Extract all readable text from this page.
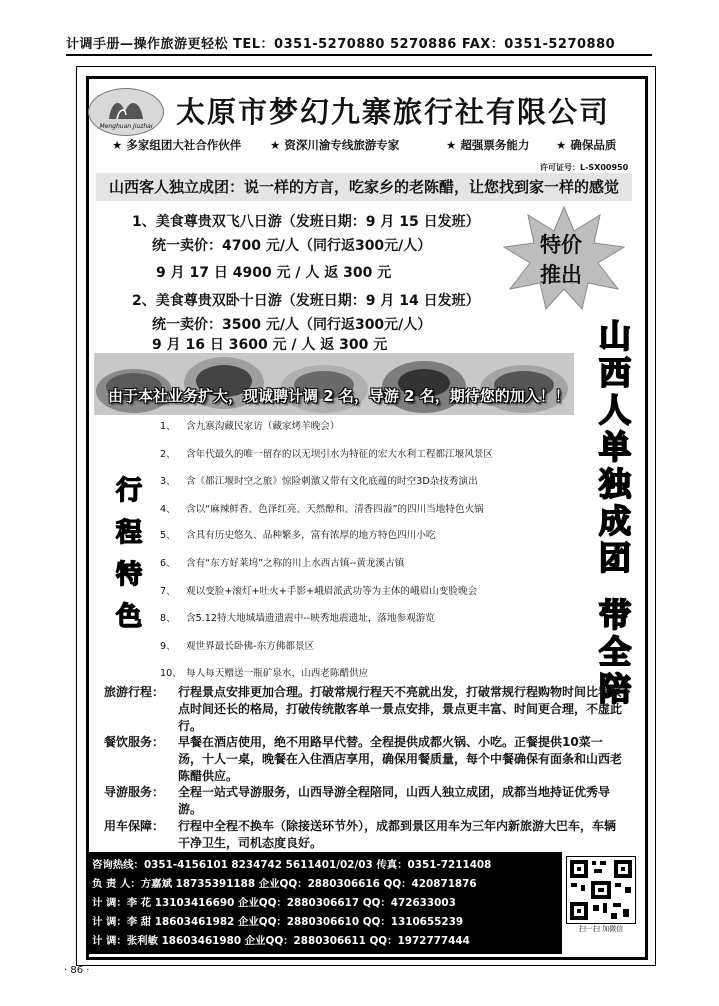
计调手册—操作旅游更轻松 TEL：0351-5270880 5270886 FAX：0351-5270880
Menghuan Jiuzhai 太原市梦幻九寨旅行社有限公司
★ 多家组团大社合作伙伴 ★ 资深川渝专线旅游专家	★ 超强票务能力 ★ 确保品质
许可证号：L-SX00950
山西客人独立成团：说一样的方言，吃家乡的老陈醋，让您找到家一样的感觉
1、美食尊贵双飞八日游（发班日期：9 月 15 日发班）
统一卖价：4700 元/人（同行返300元/人）
9 月 17 日 4900 元 / 人 返 300 元
2、美食尊贵双卧十日游（发班日期：9 月 14 日发班）
统一卖价：3500 元/人（同行返300元/人）
9 月 16 日 3600 元 / 人 返 300 元
特价
推出
山
西
人
单
独
成
团
带
全
陪
由于本社业务扩大，现诚聘计调 2 名，导游 2 名，期待您的加入！！
行
程
特
色
1、 含九寨沟藏民家访（藏家烤羊晚会）
2、 含年代最久的唯一留存的以无坝引水为特征的宏大水利工程都江堰风景区
3、 含《都江堰时空之旅》惊险刺激又带有文化底蕴的时空3D杂技秀演出
4、 含以“麻辣鲜香、色泽红亮、天然醇和、清香四溢”的四川当地特色火锅
5、 含具有历史悠久、品种繁多，富有浓厚的地方特色四川小吃
6、 含有“东方好莱坞”之称的川上水西古镇--黄龙溪古镇
7、 观以变脸+滚灯+吐火+手影+峨眉派武功等为主体的峨眉山变脸晚会
8、 含5.12特大地城墙遗遗震中--映秀地震遗址，落地参观游览
9、 观世界最长卧佛-东方佛都景区
10、 每人每天赠送一瓶矿泉水，山西老陈醋供应
旅游行程： 行程景点安排更加合理。打破常规行程天不亮就出发，打破常规行程购物时间比看景点时间还长的格局，打破传统散客单一景点安排，景点更丰富、时间更合理，不虚此行。
餐饮服务： 早餐在酒店使用，绝不用路早代替。全程提供成都火锅、小吃。正餐提供10菜一汤，十人一桌，晚餐在入住酒店享用，确保用餐质量，每个中餐确保有面条和山西老陈醋供应。
导游服务： 全程一站式导游服务，山西导游全程陪同，山西人独立成团，成都当地持证优秀导游。
用车保障： 行程中全程不换车（除接送环节外），成都到景区用车为三年内新旅游大巴车，车辆干净卫生，司机态度良好。
咨询热线：0351-4156101 8234742 5611401/02/03 传真：0351-7211408
负 责 人：方嘉斌 18735391188 企业QQ：2880306616 QQ：420871876
计 调：李 花 13103416690 企业QQ：2880306617 QQ：472633003
计 调：李 甜 18603461982 企业QQ：2880306610 QQ：1310655239
计 调：张利敏 18603461980 企业QQ：2880306611 QQ：1972777444
扫一扫 加微信
· 86 ·
